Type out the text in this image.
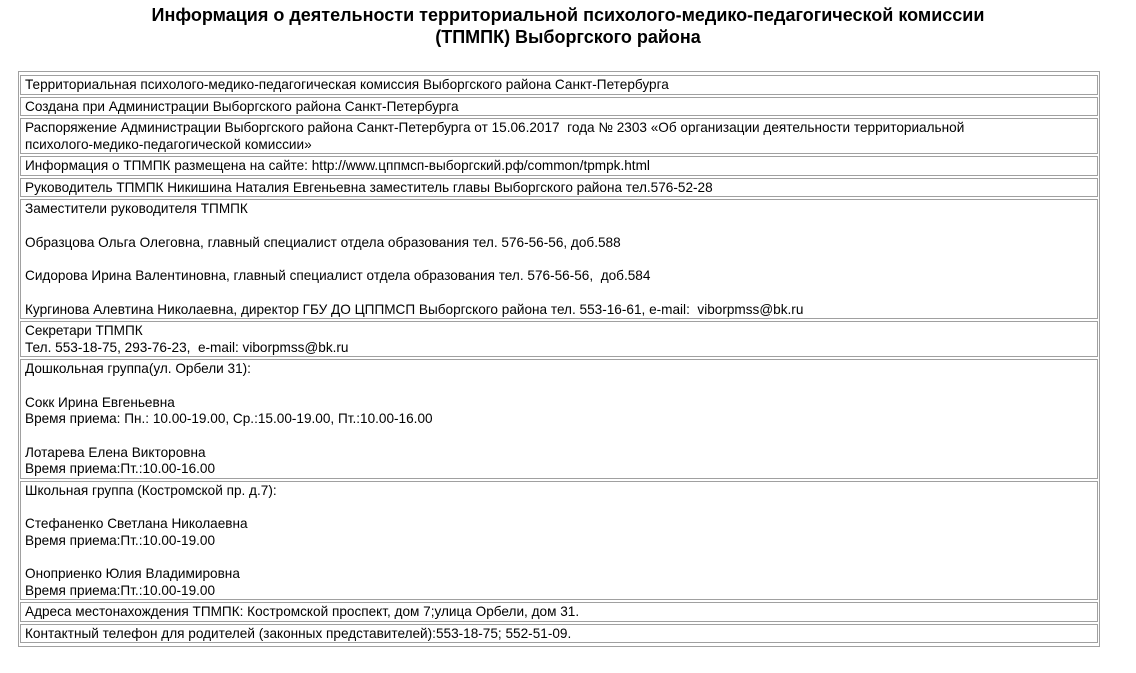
Информация о деятельности территориальной психолого-медико-педагогической комиссии
(ТПМПК) Выборгского района

Территориальная психолого-медико-педагогическая комиссия Выборгского района Санкт-Петербурга

Создана при Администрации Выборгского района Санкт-Петербурга

Распоряжение Администрации Выборгского района Санкт-Петербурга от 15.06.2017  года № 2303 «Об организации деятельности территориальной

психолого-медико-педагогической комиссии»

Информация о ТПМПК размещена на сайте: http://www.цппмсп-выборгский.рф/common/tpmpk.html

Руководитель ТПМПК Никишина Наталия Евгеньевна заместитель главы Выборгского района тел.576-52-28

Заместители руководителя ТПМПК

Образцова Ольга Олеговна, главный специалист отдела образования тел. 576-56-56, доб.588

Сидорова Ирина Валентиновна, главный специалист отдела образования тел. 576-56-56,  доб.584

Кургинова Алевтина Николаевна, директор ГБУ ДО ЦППМСП Выборгского района тел. 553-16-61, e-mail:  viborpmss@bk.ru

Секретари ТПМПК

Тел. 553-18-75, 293-76-23,  e-mail: viborpmss@bk.ru

Дошкольная группа(ул. Орбели 31):

Сокк Ирина Евгеньевна

Время приема: Пн.: 10.00-19.00, Ср.:15.00-19.00, Пт.:10.00-16.00

Лотарева Елена Викторовна

Время приема:Пт.:10.00-16.00

Школьная группа (Костромской пр. д.7):

Стефаненко Светлана Николаевна

Время приема:Пт.:10.00-19.00

Оноприенко Юлия Владимировна

Время приема:Пт.:10.00-19.00

Адреса местонахождения ТПМПК: Костромской проспект, дом 7;улица Орбели, дом 31.

Контактный телефон для родителей (законных представителей):553-18-75; 552-51-09.
